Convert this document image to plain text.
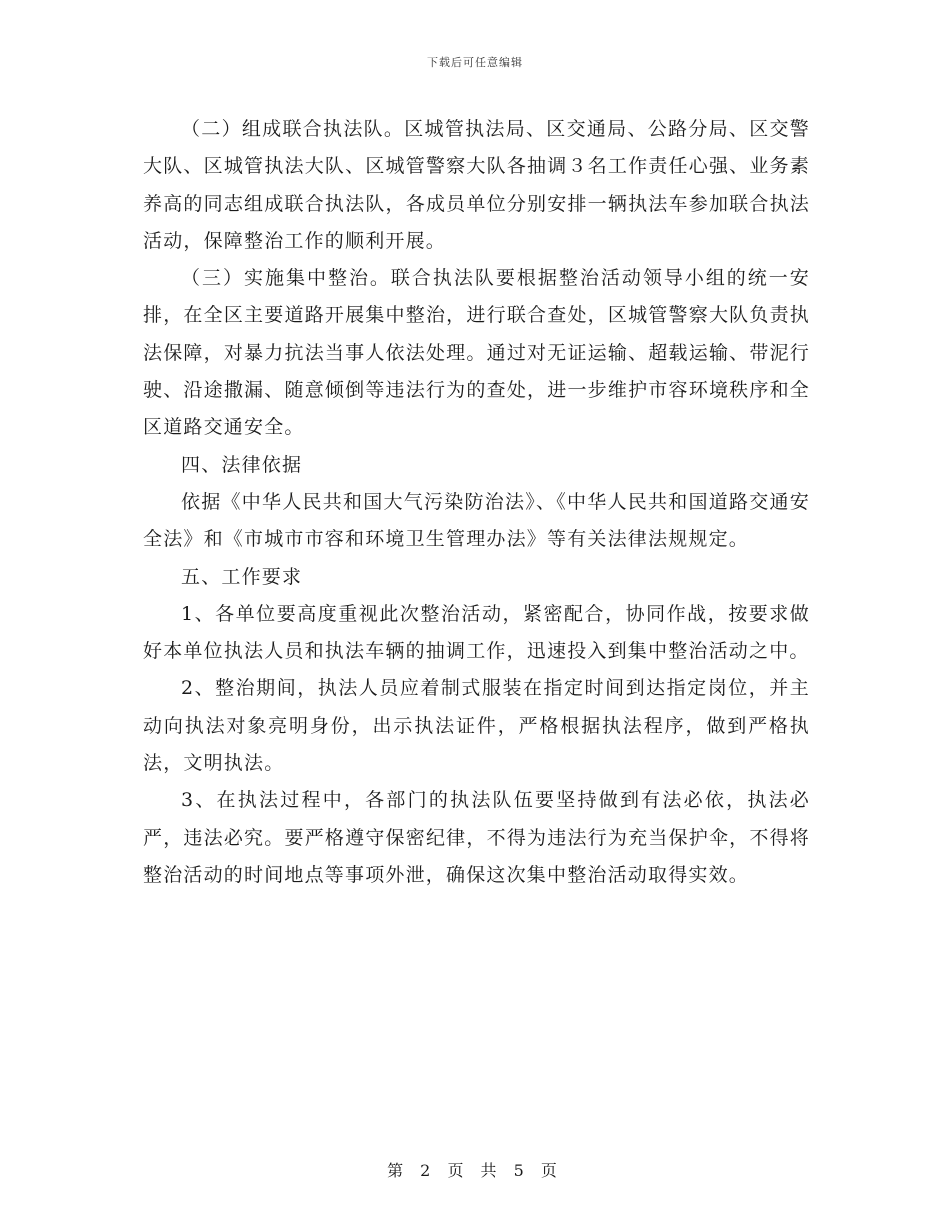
下载后可任意编辑

（二）组成联合执法队。区城管执法局、区交通局、公路分局、区交警大队、区城管执法大队、区城管警察大队各抽调３名工作责任心强、业务素养高的同志组成联合执法队，各成员单位分别安排一辆执法车参加联合执法活动，保障整治工作的顺利开展。

（三）实施集中整治。联合执法队要根据整治活动领导小组的统一安排，在全区主要道路开展集中整治，进行联合查处，区城管警察大队负责执法保障，对暴力抗法当事人依法处理。通过对无证运输、超载运输、带泥行驶、沿途撒漏、随意倾倒等违法行为的查处，进一步维护市容环境秩序和全区道路交通安全。

四、法律依据

依据《中华人民共和国大气污染防治法》、《中华人民共和国道路交通安全法》和《市城市市容和环境卫生管理办法》等有关法律法规规定。

五、工作要求

1、各单位要高度重视此次整治活动，紧密配合，协同作战，按要求做好本单位执法人员和执法车辆的抽调工作，迅速投入到集中整治活动之中。

2、整治期间，执法人员应着制式服装在指定时间到达指定岗位，并主动向执法对象亮明身份，出示执法证件，严格根据执法程序，做到严格执法，文明执法。

3、在执法过程中，各部门的执法队伍要坚持做到有法必依，执法必严，违法必究。要严格遵守保密纪律，不得为违法行为充当保护伞，不得将整治活动的时间地点等事项外泄，确保这次集中整治活动取得实效。

第 2 页 共 5 页
